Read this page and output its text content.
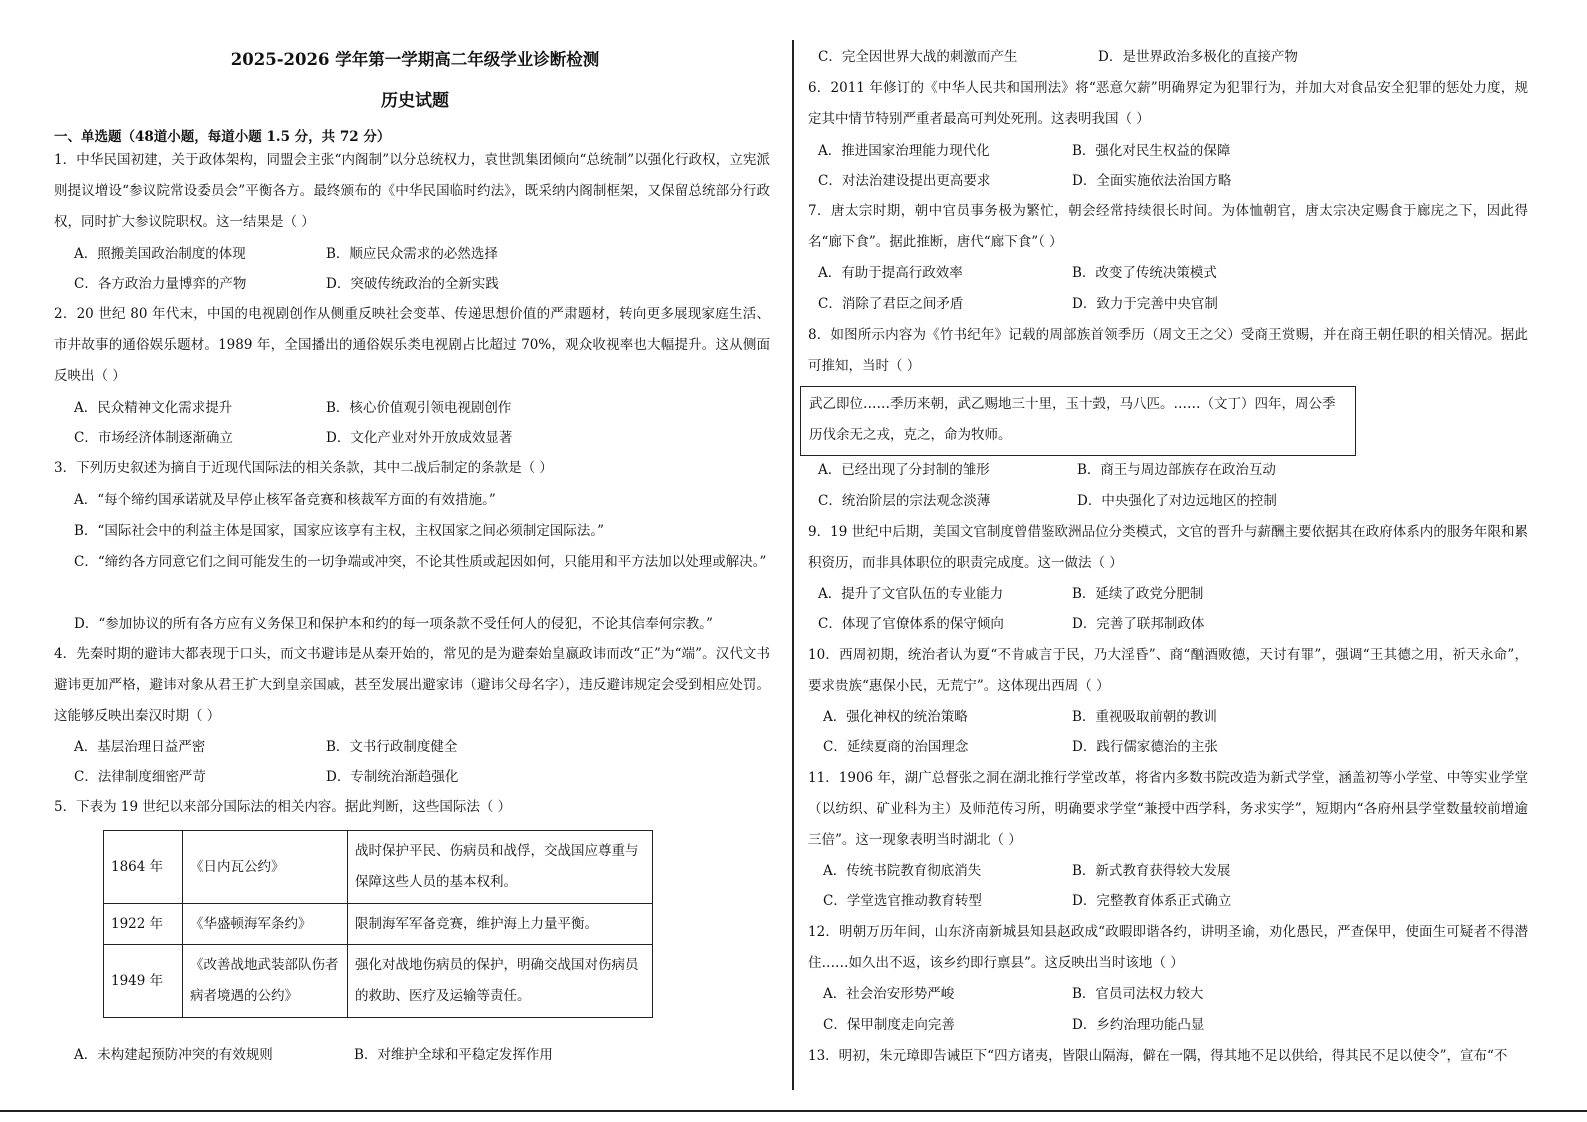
2025-2026 学年第一学期高二年级学业诊断检测
历史试题
一、单选题（48道小题，每道小题 1.5 分，共 72 分）
1．中华民国初建，关于政体架构，同盟会主张“内阁制”以分总统权力，袁世凯集团倾向“总统制”以强化行政权，立宪派则提议增设“参议院常设委员会”平衡各方。最终颁布的《中华民国临时约法》，既采纳内阁制框架，又保留总统部分行政权，同时扩大参议院职权。这一结果是（ ）
A．照搬美国政治制度的体现	B．顺应民众需求的必然选择
C．各方政治力量博弈的产物	D．突破传统政治的全新实践
2．20 世纪 80 年代末，中国的电视剧创作从侧重反映社会变革、传递思想价值的严肃题材，转向更多展现家庭生活、市井故事的通俗娱乐题材。1989 年，全国播出的通俗娱乐类电视剧占比超过 70%，观众收视率也大幅提升。这从侧面反映出（ ）
A．民众精神文化需求提升	B．核心价值观引领电视剧创作
C．市场经济体制逐渐确立	D．文化产业对外开放成效显著
3．下列历史叙述为摘自于近现代国际法的相关条款，其中二战后制定的条款是（ ）
A．“每个缔约国承诺就及早停止核军备竞赛和核裁军方面的有效措施。”
B．“国际社会中的利益主体是国家，国家应该享有主权，主权国家之间必须制定国际法。”
C．“缔约各方同意它们之间可能发生的一切争端或冲突，不论其性质或起因如何，只能用和平方法加以处理或解决。”
D．“参加协议的所有各方应有义务保卫和保护本和约的每一项条款不受任何人的侵犯，不论其信奉何宗教。”
4．先秦时期的避讳大都表现于口头，而文书避讳是从秦开始的，常见的是为避秦始皇嬴政讳而改“正”为“端”。汉代文书避讳更加严格，避讳对象从君王扩大到皇亲国戚，甚至发展出避家讳（避讳父母名字），违反避讳规定会受到相应处罚。这能够反映出秦汉时期（ ）
A．基层治理日益严密	B．文书行政制度健全
C．法律制度细密严苛	D．专制统治渐趋强化
5．下表为 19 世纪以来部分国际法的相关内容。据此判断，这些国际法（ ）
1864 年	《日内瓦公约》	战时保护平民、伤病员和战俘，交战国应尊重与保障这些人员的基本权利。
1922 年	《华盛顿海军条约》	限制海军军备竞赛，维护海上力量平衡。
1949 年	《改善战地武装部队伤者病者境遇的公约》	强化对战地伤病员的保护，明确交战国对伤病员的救助、医疗及运输等责任。
A．未构建起预防冲突的有效规则	B．对维护全球和平稳定发挥作用
C．完全因世界大战的刺激而产生	D．是世界政治多极化的直接产物
6．2011 年修订的《中华人民共和国刑法》将“恶意欠薪”明确界定为犯罪行为，并加大对食品安全犯罪的惩处力度，规定其中情节特别严重者最高可判处死刑。这表明我国（ ）
A．推进国家治理能力现代化	B．强化对民生权益的保障
C．对法治建设提出更高要求	D．全面实施依法治国方略
7．唐太宗时期，朝中官员事务极为繁忙，朝会经常持续很长时间。为体恤朝官，唐太宗决定赐食于廊庑之下，因此得名“廊下食”。据此推断，唐代“廊下食”（ ）
A．有助于提高行政效率	B．改变了传统决策模式
C．消除了君臣之间矛盾	D．致力于完善中央官制
8．如图所示内容为《竹书纪年》记载的周部族首领季历（周文王之父）受商王赏赐，并在商王朝任职的相关情况。据此可推知，当时（ ）
武乙即位……季历来朝，武乙赐地三十里，玉十瑴，马八匹。……（文丁）四年，周公季历伐余无之戎，克之，命为牧师。
A．已经出现了分封制的雏形	B．商王与周边部族存在政治互动
C．统治阶层的宗法观念淡薄	D．中央强化了对边远地区的控制
9．19 世纪中后期，美国文官制度曾借鉴欧洲品位分类模式，文官的晋升与薪酬主要依据其在政府体系内的服务年限和累积资历，而非具体职位的职责完成度。这一做法（ ）
A．提升了文官队伍的专业能力	B．延续了政党分肥制
C．体现了官僚体系的保守倾向	D．完善了联邦制政体
10．西周初期，统治者认为夏“不肯戚言于民，乃大淫昏”、商“酗酒败德，天讨有罪”，强调“王其德之用，祈天永命”，要求贵族“惠保小民，无荒宁”。这体现出西周（ ）
A．强化神权的统治策略	B．重视吸取前朝的教训
C．延续夏商的治国理念	D．践行儒家德治的主张
11．1906 年，湖广总督张之洞在湖北推行学堂改革，将省内多数书院改造为新式学堂，涵盖初等小学堂、中等实业学堂（以纺织、矿业科为主）及师范传习所，明确要求学堂“兼授中西学科，务求实学”，短期内“各府州县学堂数量较前增逾三倍”。这一现象表明当时湖北（ ）
A．传统书院教育彻底消失	B．新式教育获得较大发展
C．学堂选官推动教育转型	D．完整教育体系正式确立
12．明朝万历年间，山东济南新城县知县赵政成“政暇即谐各约，讲明圣谕，劝化愚民，严查保甲，使面生可疑者不得潜住……如久出不返，该乡约即行禀县”。这反映出当时该地（ ）
A．社会治安形势严峻	B．官员司法权力较大
C．保甲制度走向完善	D．乡约治理功能凸显
13．明初，朱元璋即告诫臣下“四方诸夷，皆限山隔海，僻在一隅，得其地不足以供给，得其民不足以使令”，宣布“不
